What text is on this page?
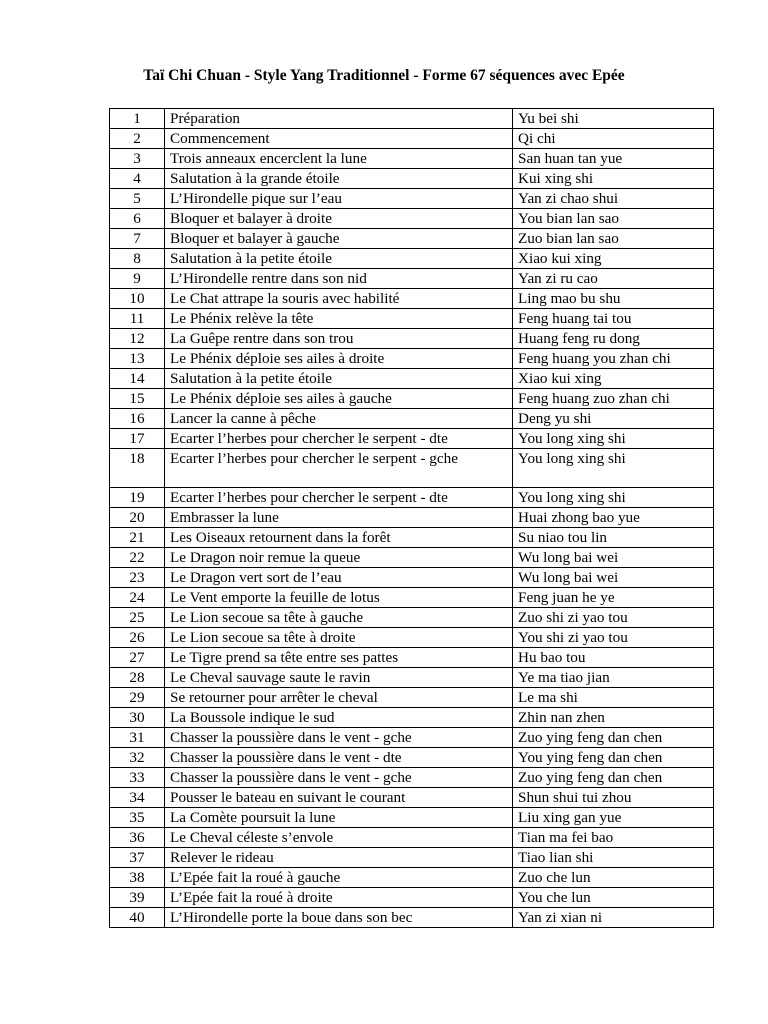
Taï Chi Chuan - Style Yang Traditionnel - Forme 67 séquences avec Epée
1	Préparation	Yu bei shi
2	Commencement	Qi chi
3	Trois anneaux encerclent la lune	San huan tan yue
4	Salutation à la grande étoile	Kui xing shi
5	L’Hirondelle pique sur l’eau	Yan zi chao shui
6	Bloquer et balayer à droite	You bian lan sao
7	Bloquer et balayer à gauche	Zuo bian lan sao
8	Salutation à la petite étoile	Xiao kui xing
9	L’Hirondelle rentre dans son nid	Yan zi ru cao
10	Le Chat attrape la souris avec habilité	Ling mao bu shu
11	Le Phénix relève la tête	Feng huang tai tou
12	La Guêpe rentre dans son trou	Huang feng ru dong
13	Le Phénix déploie ses ailes à droite	Feng huang you zhan chi
14	Salutation à la petite étoile	Xiao kui xing
15	Le Phénix déploie ses ailes à gauche	Feng huang zuo zhan chi
16	Lancer la canne à pêche	Deng yu shi
17	Ecarter l’herbes pour chercher le serpent - dte	You long xing shi
18	Ecarter l’herbes pour chercher le serpent - gche	You long xing shi
19	Ecarter l’herbes pour chercher le serpent - dte	You long xing shi
20	Embrasser la lune	Huai zhong bao yue
21	Les Oiseaux retournent dans la forêt	Su niao tou lin
22	Le Dragon noir remue la queue	Wu long bai wei
23	Le Dragon vert sort de l’eau	Wu long bai wei
24	Le Vent emporte la feuille de lotus	Feng juan he ye
25	Le Lion secoue sa tête à gauche	Zuo shi zi yao tou
26	Le Lion secoue sa tête à droite	You shi zi yao tou
27	Le Tigre prend sa tête entre ses pattes	Hu bao tou
28	Le Cheval sauvage saute le ravin	Ye ma tiao jian
29	Se retourner pour arrêter le cheval	Le ma shi
30	La Boussole indique le sud	Zhin nan zhen
31	Chasser la poussière dans le vent - gche	Zuo ying feng dan chen
32	Chasser la poussière dans le vent - dte	You ying feng dan chen
33	Chasser la poussière dans le vent - gche	Zuo ying feng dan chen
34	Pousser le bateau en suivant le courant	Shun shui tui zhou
35	La Comète poursuit la lune	Liu xing gan yue
36	Le Cheval céleste s’envole	Tian ma fei bao
37	Relever le rideau	Tiao lian shi
38	L’Epée fait la roué à gauche	Zuo che lun
39	L’Epée fait la roué à droite	You che lun
40	L’Hirondelle porte la boue dans son bec	Yan zi xian ni
